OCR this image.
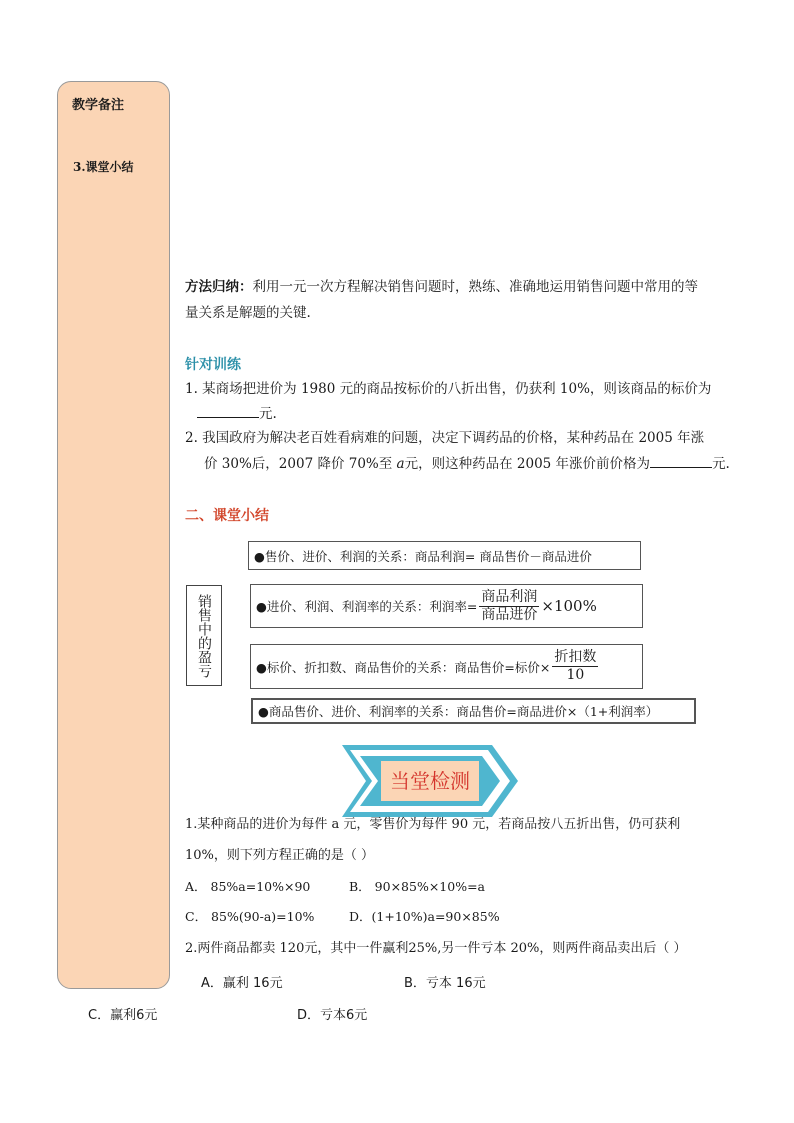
教学备注
3.课堂小结
方法归纳：利用一元一次方程解决销售问题时，熟练、准确地运用销售问题中常用的等
量关系是解题的关键.
针对训练
1. 某商场把进价为 1980 元的商品按标价的八折出售，仍获利 10%，则该商品的标价为
元.
2. 我国政府为解决老百姓看病难的问题，决定下调药品的价格，某种药品在 2005 年涨
价 30%后，2007 降价 70%至 a元，则这种药品在 2005 年涨价前价格为	元.
二、课堂小结
销售中的盈亏
●售价、进价、利润的关系：商品利润= 商品售价－商品进价
●进价、利润、利润率的关系：利润率= $\frac{\text{商品利润}}{\text{商品进价}} \times 100\%$
●标价、折扣数、商品售价的关系：商品售价=标价× $\frac{\text{折扣数}}{10}$
●商品售价、进价、利润率的关系：商品售价=商品进价×（1+利润率）
当堂检测
1.某种商品的进价为每件 a 元，零售价为每件 90 元，若商品按八五折出售，仍可获利
10%，则下列方程正确的是（ ）
A． 85%a=10%×90	B． 90×85%×10%=a
C． 85%(90-a)=10%	D．(1+10%)a=90×85%
2.两件商品都卖 120元，其中一件赢利25%,另一件亏本 20%，则两件商品卖出后（ ）
A．赢利 16元	B．亏本 16元
C．赢利6元	D．亏本6元
